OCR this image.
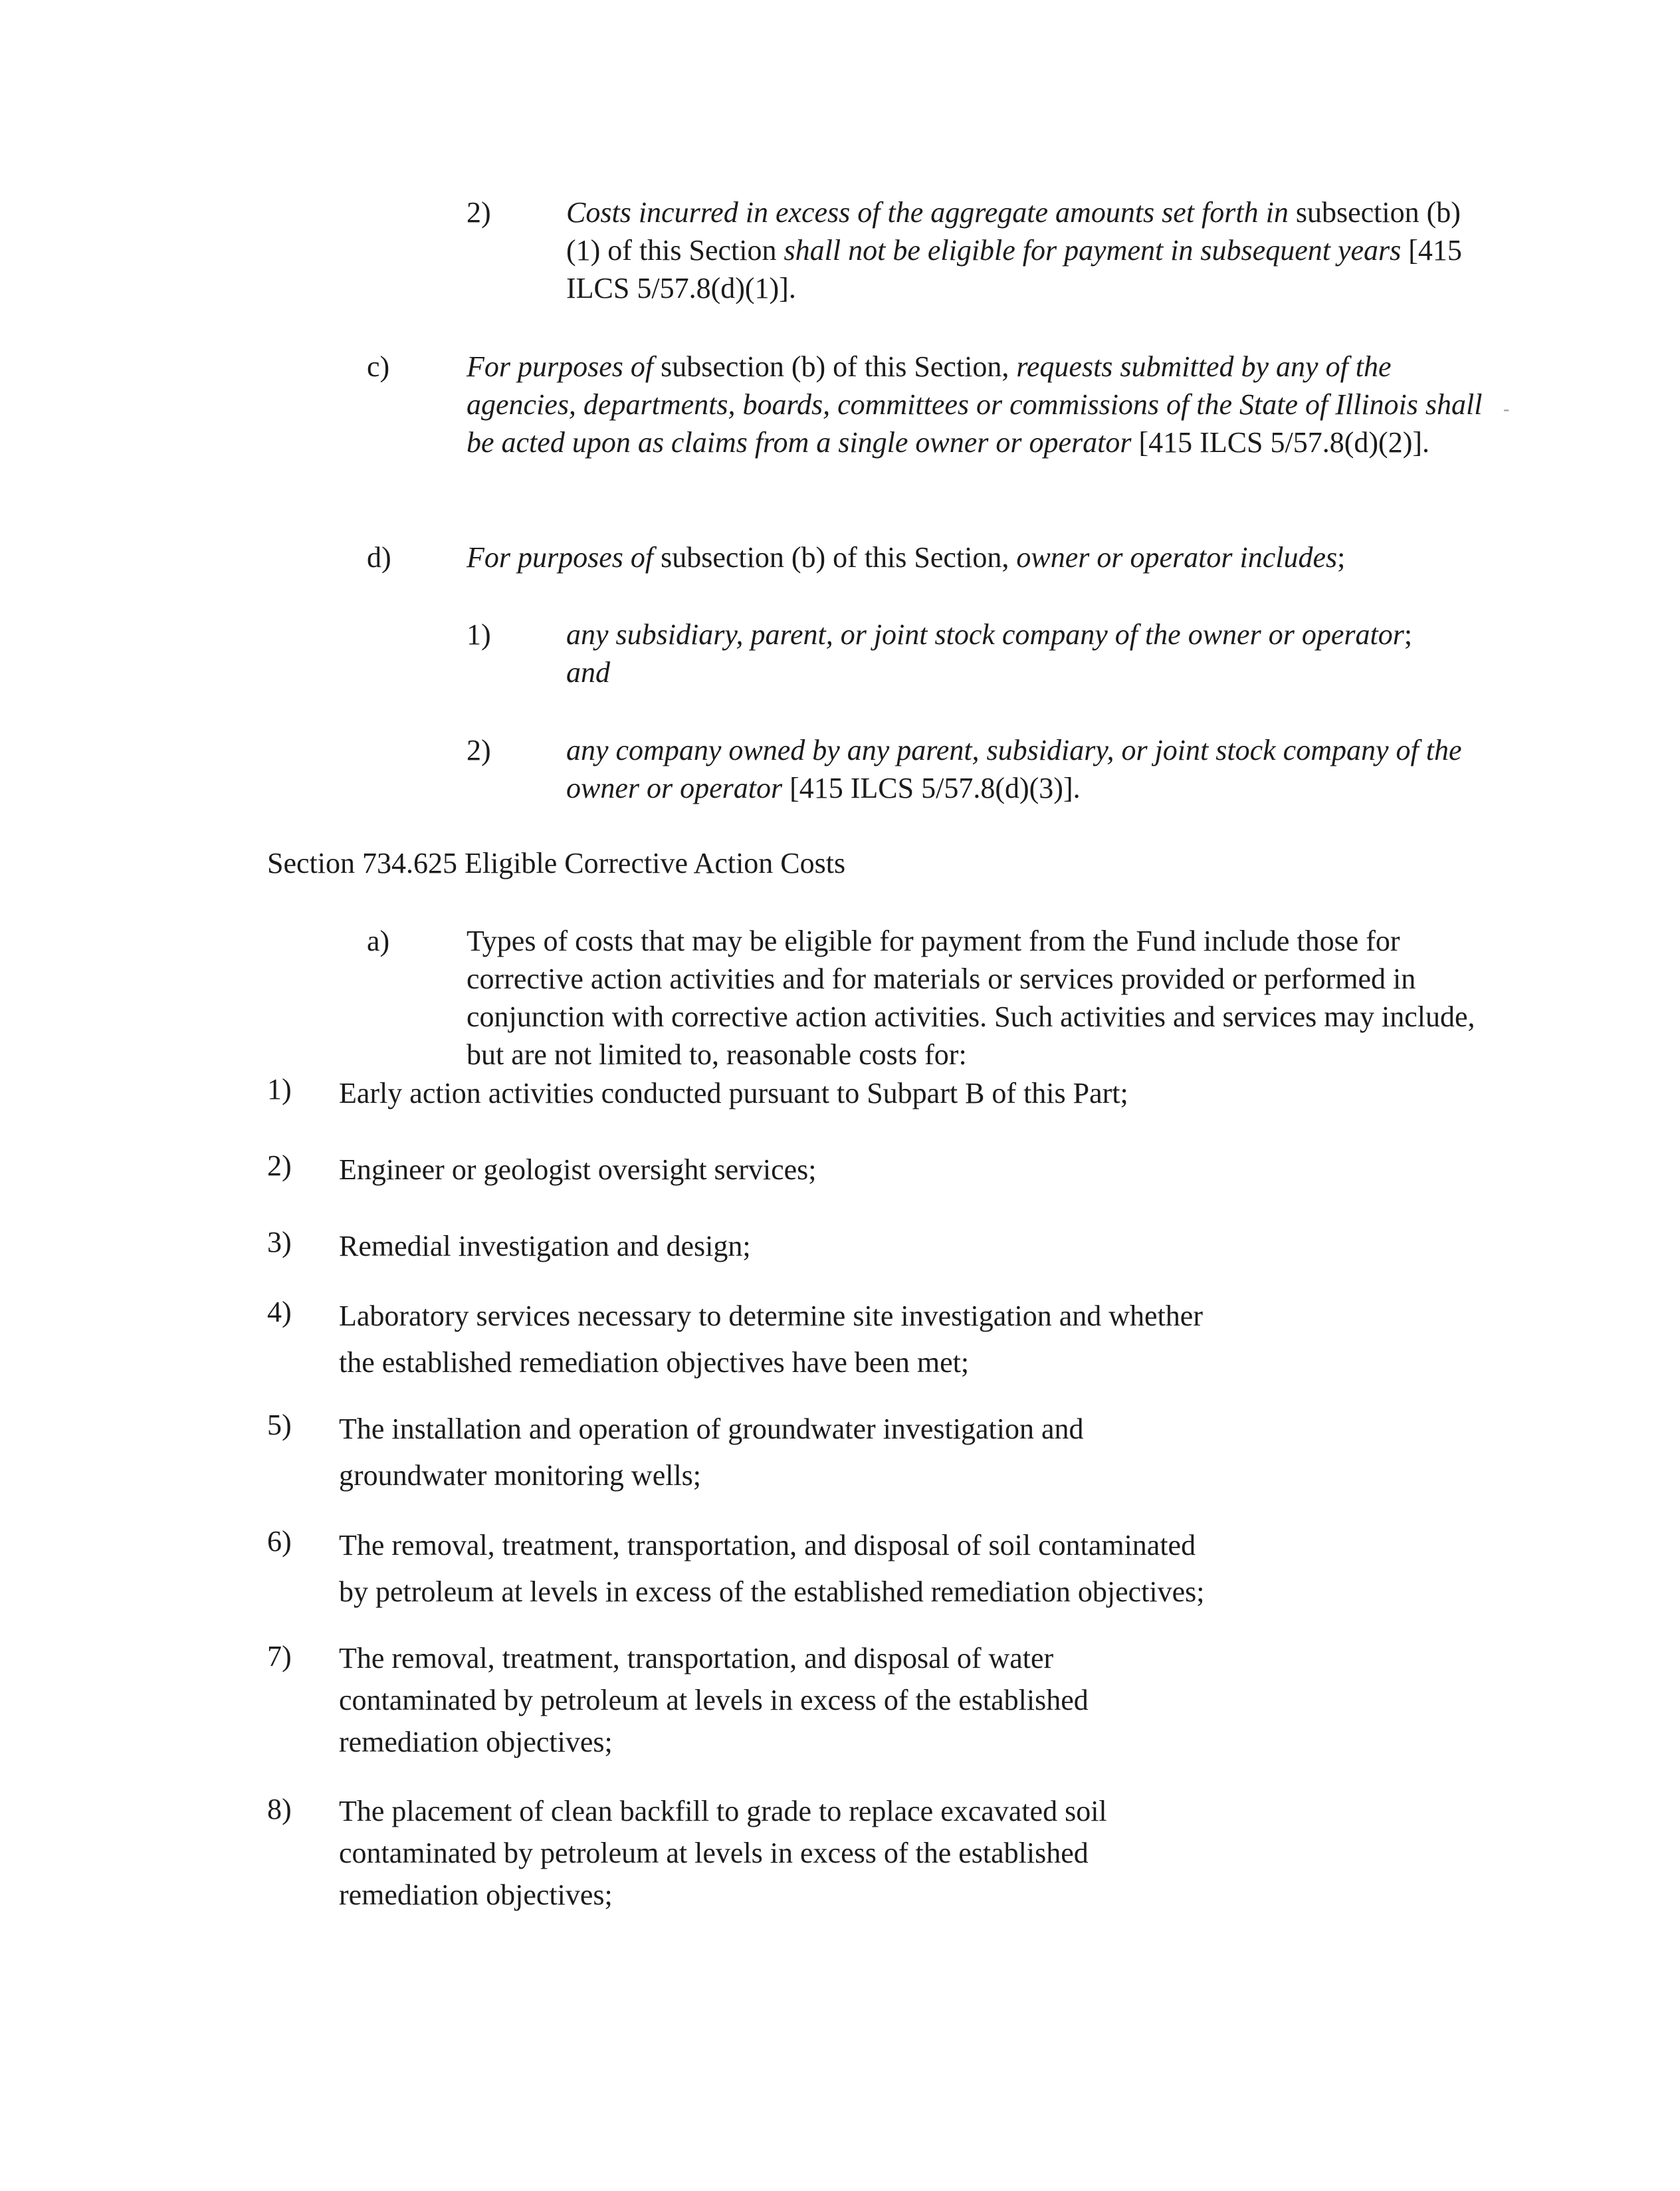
2)	Costs incurred in excess of the aggregate amounts set forth in subsection (b)(1) of this Section shall not be eligible for payment in subsequent years [415 ILCS 5/57.8(d)(1)].
c)	For purposes of subsection (b) of this Section, requests submitted by any of the agencies, departments, boards, committees or commissions of the State of Illinois shall be acted upon as claims from a single owner or operator [415 ILCS 5/57.8(d)(2)].
d)	For purposes of subsection (b) of this Section, owner or operator includes;
1)	any subsidiary, parent, or joint stock company of the owner or operator; and
2)	any company owned by any parent, subsidiary, or joint stock company of the owner or operator [415 ILCS 5/57.8(d)(3)].
Section 734.625 Eligible Corrective Action Costs
a)	Types of costs that may be eligible for payment from the Fund include those for corrective action activities and for materials or services provided or performed in conjunction with corrective action activities. Such activities and services may include, but are not limited to, reasonable costs for:
1) Early action activities conducted pursuant to Subpart B of this Part;
2) Engineer or geologist oversight services;
3) Remedial investigation and design;
4) Laboratory services necessary to determine site investigation and whether
the established remediation objectives have been met;
5) The installation and operation of groundwater investigation and
groundwater monitoring wells;
6) The removal, treatment, transportation, and disposal of soil contaminated
by petroleum at levels in excess of the established remediation objectives;
7) The removal, treatment, transportation, and disposal of water
contaminated by petroleum at levels in excess of the established
remediation objectives;
8) The placement of clean backfill to grade to replace excavated soil
contaminated by petroleum at levels in excess of the established
remediation objectives;
-
